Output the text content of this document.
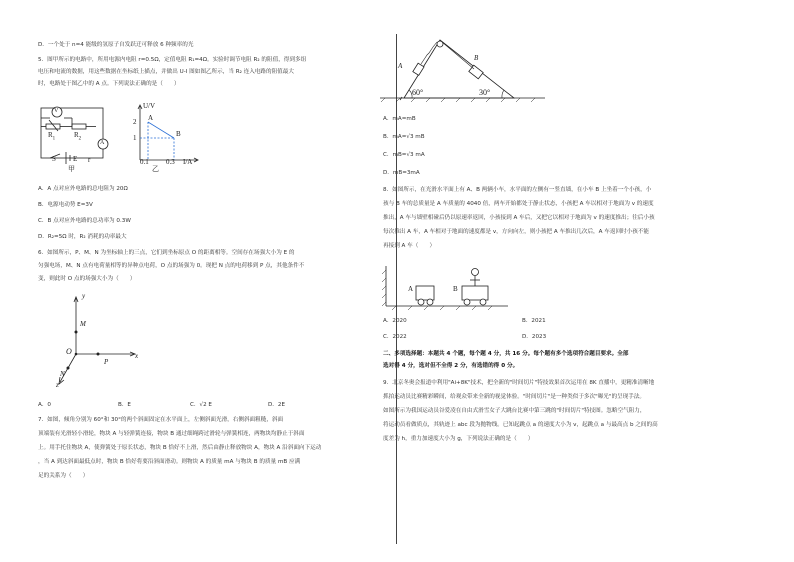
D．一个处于 n=4 能级的氢原子自发跃迁可释放 6 种频率的光
5．图甲所示的电路中，所用电源内电阻 r=0.5Ω，定值电阻 R₁=4Ω。实验时调节电阻 R₂ 的阻值，得到多组
电压和电流的数据，用这些数据在坐标纸上描点，并做出 U-I 图如图乙所示，当 R₂ 连入电路的阻值最大
时，电路处于图乙中的 A 点。下列说法正确的是（　　）
V
A
$R_1$	$R_2$
S E r
甲
U/V
A
B
2
1
0.1 0.3 I/A
乙
A．A 点对应外电路的总电阻为 20Ω
B．电源电动势 E=3V
C．B 点对应外电路的总功率为 0.3W
D．R₂=5Ω 时，R₂ 消耗的功率最大
6．如图所示，P、M、N 为坐标轴上的三点，它们到坐标原点 O 的距离相等。空间存在场强大小为 E 的
匀强电场，M、N 点有电荷量相等的异种点电荷，O 点的场强为 0。现把 N 点的电荷移到 P 点，其他条件不
变，则此时 O 点的场强大小为（　　）
y
x
z
O
M
N
P
A．0	B．E	C．√2 E	D．2E
7．如图，倾角分别为 60°和 30°的两个斜面固定在水平面上，左侧斜面光滑，右侧斜面粗糙，斜面
顶端装有光滑轻小滑轮，物块 A 与轻弹簧连接，物块 B 通过细绳跨过滑轮与弹簧相连，两物块均静止于斜面
上。用手托住物块 A，使弹簧处于原长状态，物块 B 恰好不上滑，然后由静止释放物块 A，物块 A 沿斜面向下运动
，当 A 到达斜面最低点时，物块 B 恰好将要沿斜面滑动。则物块 A 的质量 mA 与物块 B 的质量 mB 应满
足的关系为（　　）
A
B
60°	30°
A．mA=mB
B．mA=√3 mB
C．mB=√3 mA
D．mB=3mA
8．如图所示，在光滑水平面上有 A、B 两辆小车，水平面的左侧有一竖直墙，在小车 B 上坐着一个小孩，小
孩与 B 车的总质量是 A 车质量的 4040 倍，两车开始都处于静止状态，小孩把 A 车以相对于地面为 v 的速度
推出，A 车与墙壁相碰后仍以原速率返回，小孩接到 A 车后，又把它以相对于地面为 v 的速度推出；往后小孩
每次推出 A 车，A 车相对于地面的速度都是 v，方向向左，则小孩把 A 车推出几次后，A 车返回时小孩不能
再接到 A 车（　　）
A	B
A．2020	B．2021
C．2022	D．2023
二、多项选择题：本题共 4 个题，每个题 4 分，共 16 分。每个题有多个选项符合题目要求。全部
选对得 4 分，选对但不全得 2 分，有选错的得 0 分。
9．北京冬奥会报道中利用"Ai+8K"技术，把全新的"时间切片"特技效果首次运用在 8K 直播中，更精准清晰地
抓拍运动员比赛精彩瞬间，给观众带来全新的视觉体验。"时间切片"是一种类似于多次"曝光"的呈现手法。
如图所示为我国运动员谷爱凌在自由式滑雪女子大跳台比赛中第三跳的"时间切片"特技图。忽略空气阻力，
将运动员看做质点，其轨迹上 abc 段为抛物线。已知起跳点 a 的速度大小为 v，起跳点 a 与最高点 b 之间的高
度差为 h，重力加速度大小为 g，下列说法正确的是（　　）
